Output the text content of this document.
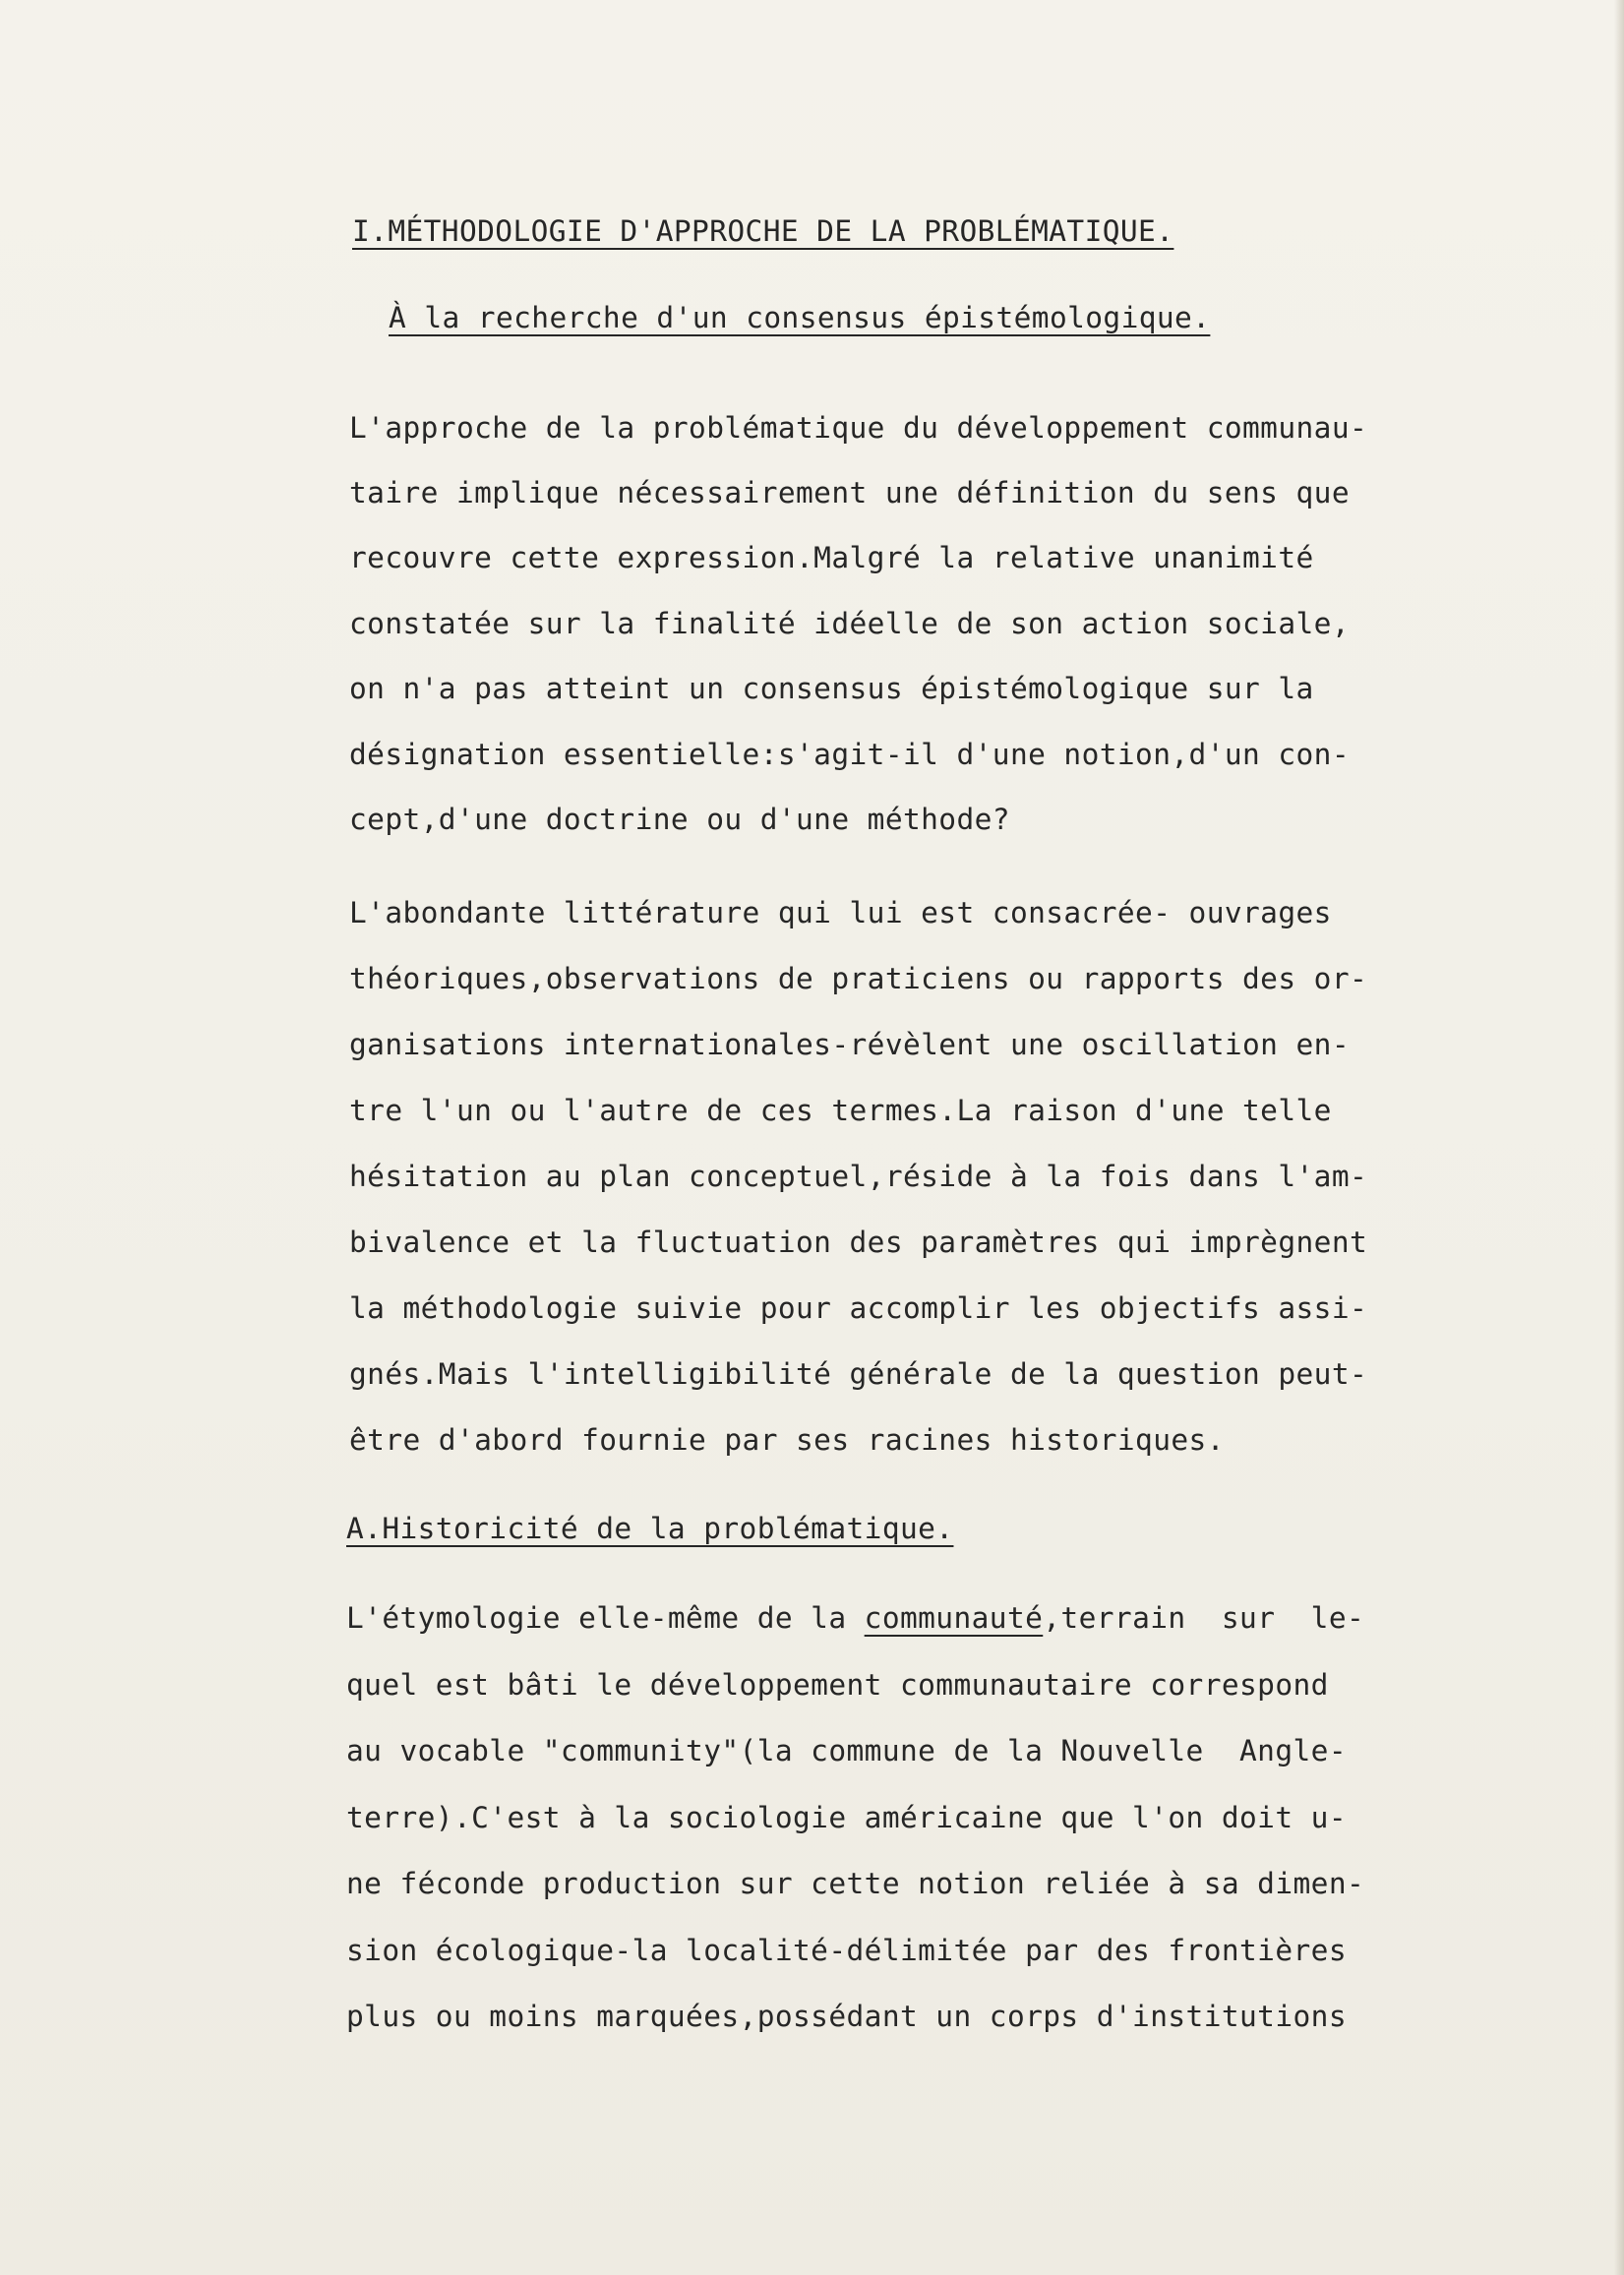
I.MÉTHODOLOGIE D'APPROCHE DE LA PROBLÉMATIQUE.
À la recherche d'un consensus épistémologique.

L'approche de la problématique du développement communau-

taire implique nécessairement une définition du sens que

recouvre cette expression.Malgré la relative unanimité

constatée sur la finalité idéelle de son action sociale,

on n'a pas atteint un consensus épistémologique sur la

désignation essentielle:s'agit-il d'une notion,d'un con-

cept,d'une doctrine ou d'une méthode?

L'abondante littérature qui lui est consacrée- ouvrages

théoriques,observations de praticiens ou rapports des or-

ganisations internationales-révèlent une oscillation en-

tre l'un ou l'autre de ces termes.La raison d'une telle

hésitation au plan conceptuel,réside à la fois dans l'am-

bivalence et la fluctuation des paramètres qui imprègnent

la méthodologie suivie pour accomplir les objectifs assi-

gnés.Mais l'intelligibilité générale de la question peut-

être d'abord fournie par ses racines historiques.

A.Historicité de la problématique.

L'étymologie elle-même de la communauté,terrain  sur  le-

quel est bâti le développement communautaire correspond

au vocable "community"(la commune de la Nouvelle  Angle-

terre).C'est à la sociologie américaine que l'on doit u-

ne féconde production sur cette notion reliée à sa dimen-

sion écologique-la localité-délimitée par des frontières

plus ou moins marquées,possédant un corps d'institutions
